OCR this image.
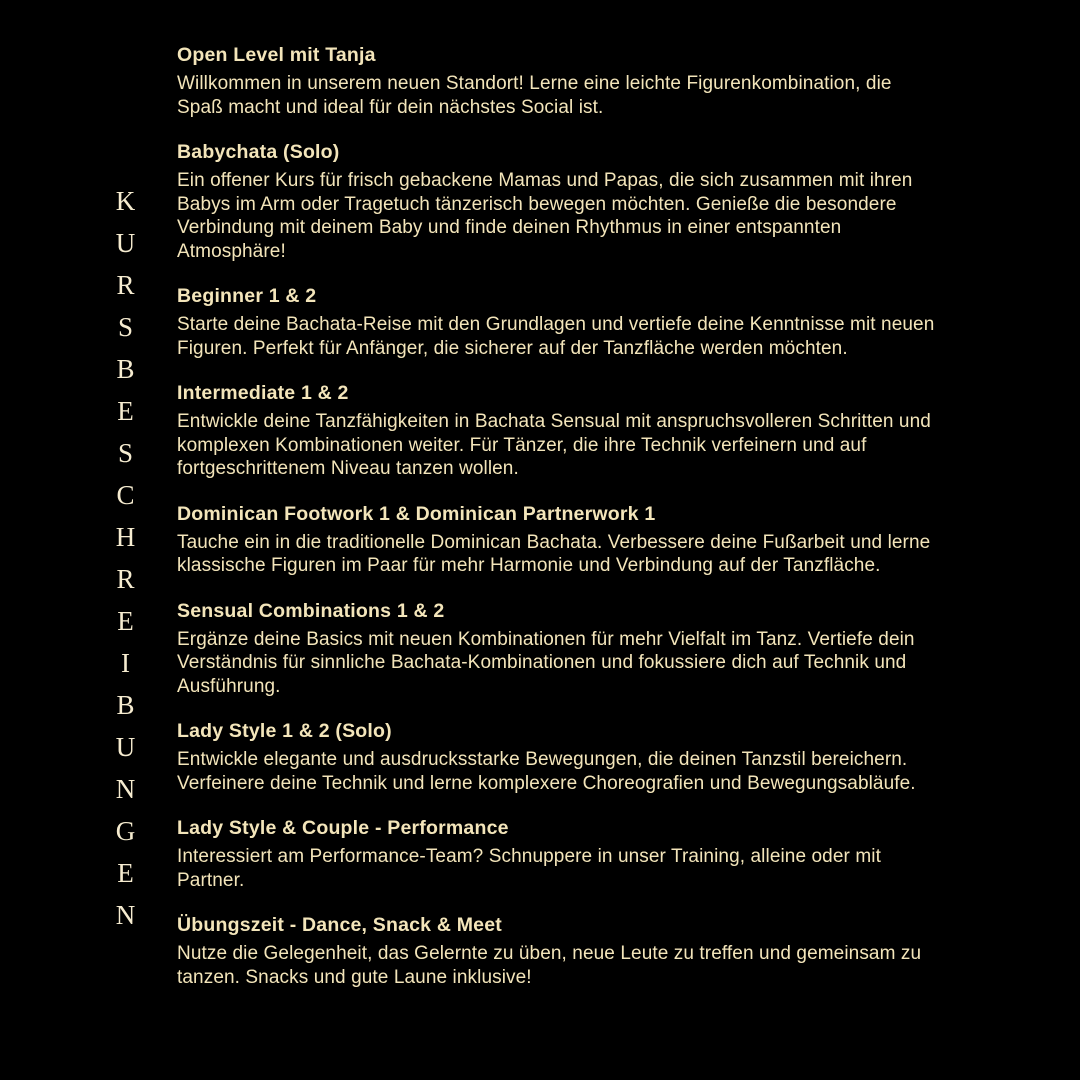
KURSBESCHREIBUNGEN
Open Level mit Tanja

Willkommen in unserem neuen Standort! Lerne eine leichte Figurenkombination, die Spaß macht und ideal für dein nächstes Social ist.

Babychata (Solo)

Ein offener Kurs für frisch gebackene Mamas und Papas, die sich zusammen mit ihren Babys im Arm oder Tragetuch tänzerisch bewegen möchten. Genieße die besondere Verbindung mit deinem Baby und finde deinen Rhythmus in einer entspannten Atmosphäre!

Beginner 1 & 2

Starte deine Bachata-Reise mit den Grundlagen und vertiefe deine Kenntnisse mit neuen Figuren. Perfekt für Anfänger, die sicherer auf der Tanzfläche werden möchten.

Intermediate 1 & 2

Entwickle deine Tanzfähigkeiten in Bachata Sensual mit anspruchsvolleren Schritten und komplexen Kombinationen weiter. Für Tänzer, die ihre Technik verfeinern und auf fortgeschrittenem Niveau tanzen wollen.

Dominican Footwork 1 & Dominican Partnerwork 1

Tauche ein in die traditionelle Dominican Bachata. Verbessere deine Fußarbeit und lerne klassische Figuren im Paar für mehr Harmonie und Verbindung auf der Tanzfläche.

Sensual Combinations 1 & 2

Ergänze deine Basics mit neuen Kombinationen für mehr Vielfalt im Tanz. Vertiefe dein Verständnis für sinnliche Bachata-Kombinationen und fokussiere dich auf Technik und Ausführung.

Lady Style 1 & 2 (Solo)

Entwickle elegante und ausdrucksstarke Bewegungen, die deinen Tanzstil bereichern. Verfeinere deine Technik und lerne komplexere Choreografien und Bewegungsabläufe.

Lady Style & Couple - Performance

Interessiert am Performance-Team? Schnuppere in unser Training, alleine oder mit Partner.

Übungszeit - Dance, Snack & Meet

Nutze die Gelegenheit, das Gelernte zu üben, neue Leute zu treffen und gemeinsam zu tanzen. Snacks und gute Laune inklusive!
